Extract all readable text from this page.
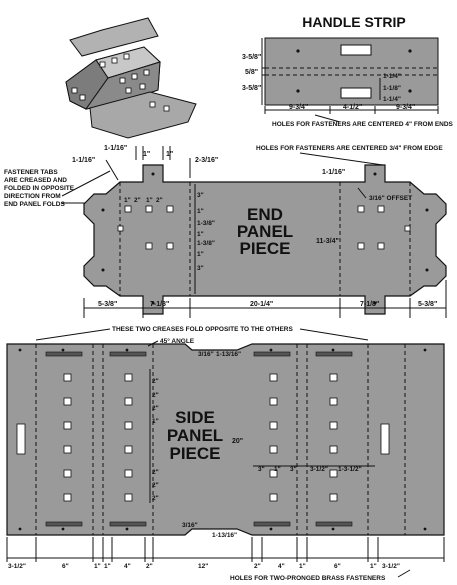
HANDLE STRIP
3-5/8"
5/8"
3-5/8"
1-1/4"
1-1/8"
1-1/4"
9-3/4"	4-1/2"	9-3/4"
HOLES FOR FASTENERS ARE CENTERED 4" FROM ENDS
HOLES FOR FASTENERS ARE CENTERED 3/4" FROM EDGE
FASTENER TABS
ARE CREASED AND
FOLDED IN OPPOSITE
DIRECTION FROM
END PANEL FOLDS
END
PANEL
PIECE
1-1/16"
1" 1"
2-3/16"
1-1/16"
1" 2" 1" 2"
3"
1"
1-3/8"
1"
1-3/8"
1"
3"
1-1/16"
3/16" OFFSET
11-3/4"
5-3/8"	7-1/8"	20-1/4"	7-1/8"	5-3/8"
THESE TWO CREASES FOLD OPPOSITE TO THE OTHERS
SIDE
PANEL
PIECE
45° ANGLE
3/16" 1-13/16"
2"
2"
2"
1"
2"
2"
2"
20"
3" 1" 3" 3-1/2" 1-3-1/2"
3/16"
1-13/16"
3-1/2"	6"	1" 1" 4" 2"	12"	2"	4" 1"	6"	1" 3-1/2"
HOLES FOR TWO-PRONGED BRASS FASTENERS
